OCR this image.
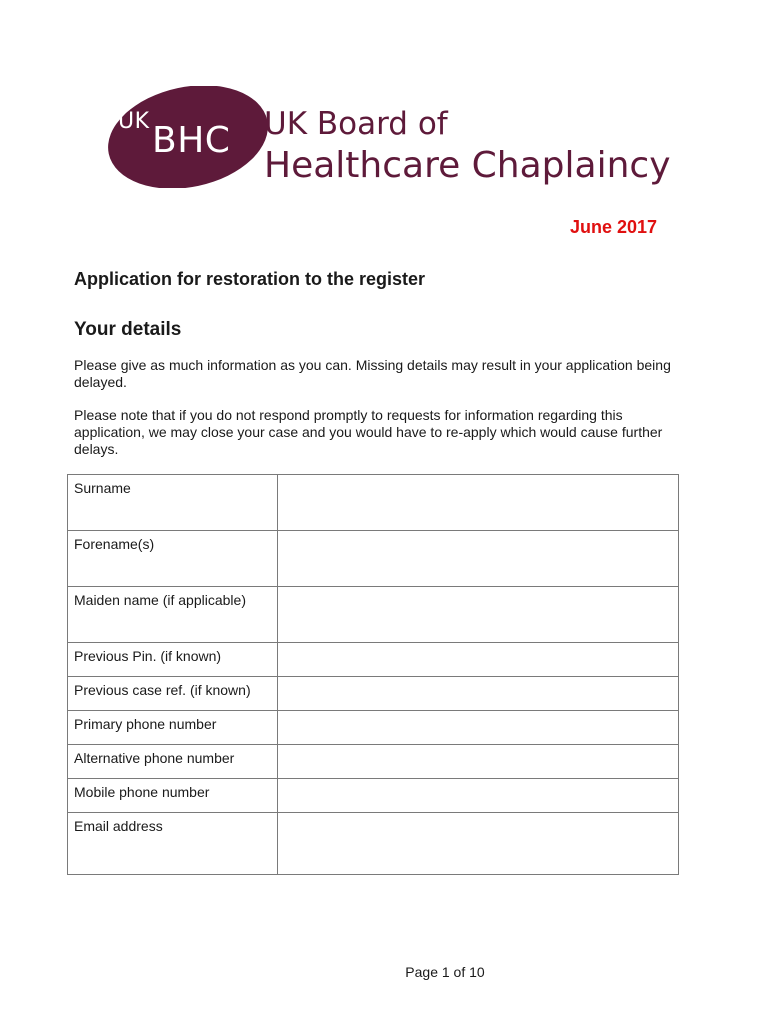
UK BHC UK Board of
Healthcare Chaplaincy
June 2017
Application for restoration to the register
Your details

Please give as much information as you can. Missing details may result in your application being delayed.

Please note that if you do not respond promptly to requests for information regarding this application, we may close your case and you would have to re-apply which would cause further delays.

Surname	
Forename(s)	
Maiden name (if applicable)	
Previous Pin. (if known)	
Previous case ref. (if known)	
Primary phone number	
Alternative phone number	
Mobile phone number	
Email address	
Page 1 of 10
